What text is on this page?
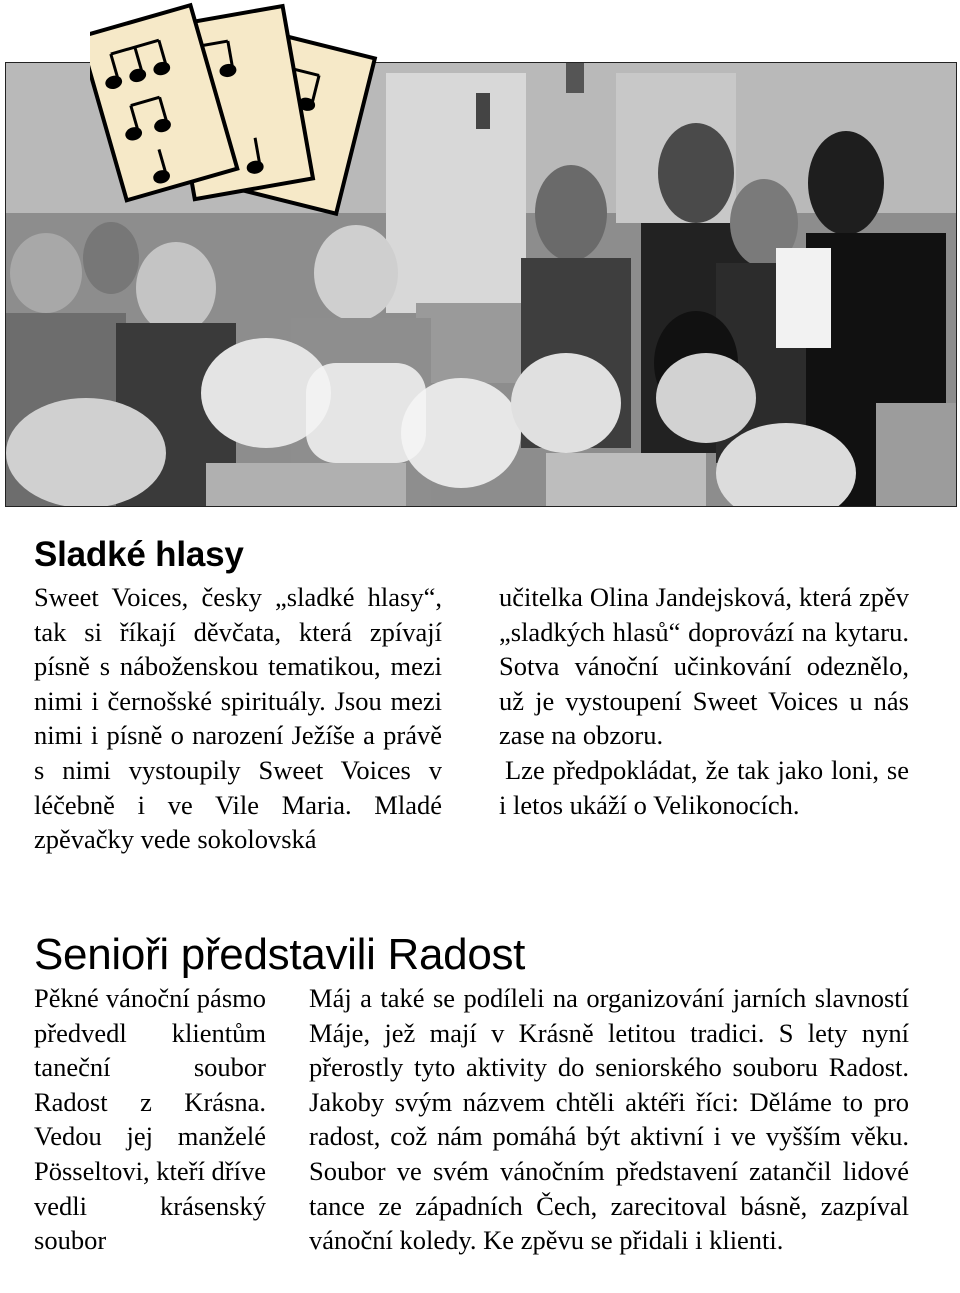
Sladké hlasy

Sweet Voices, česky „sladké hlasy“, tak si říkají děvčata, která zpívají písně s náboženskou tematikou, mezi nimi i černošské spirituály. Jsou mezi nimi i písně o narození Ježíše a právě s nimi vystoupily Sweet Voices v léčebně i ve Vile Maria. Mladé zpěvačky vede sokolovská

učitelka Olina Jandejsková, která zpěv „sladkých hlasů“ doprovází na kytaru. Sotva vánoční učinkování odeznělo, už je vystoupení Sweet Voices u nás zase na obzoru.

Lze předpokládat, že tak jako loni, se i letos ukáží o Velikonocích.

Senioři představili Radost

Pěkné vánoční pásmo předvedl klientům taneční soubor Radost z Krásna. Vedou jej manželé Pösseltovi, kteří dříve vedli krásenský soubor

Máj a také se podíleli na organizování jarních slavností Máje, jež mají v Krásně letitou tradici. S lety nyní přerostly tyto aktivity do seniorského souboru Radost. Jakoby svým názvem chtěli aktéři říci: Děláme to pro radost, což nám pomáhá být aktivní i ve vyšším věku. Soubor ve svém vánočním představení zatančil lidové tance ze západních Čech, zarecitoval básně, zazpíval vánoční koledy. Ke zpěvu se přidali i klienti.
